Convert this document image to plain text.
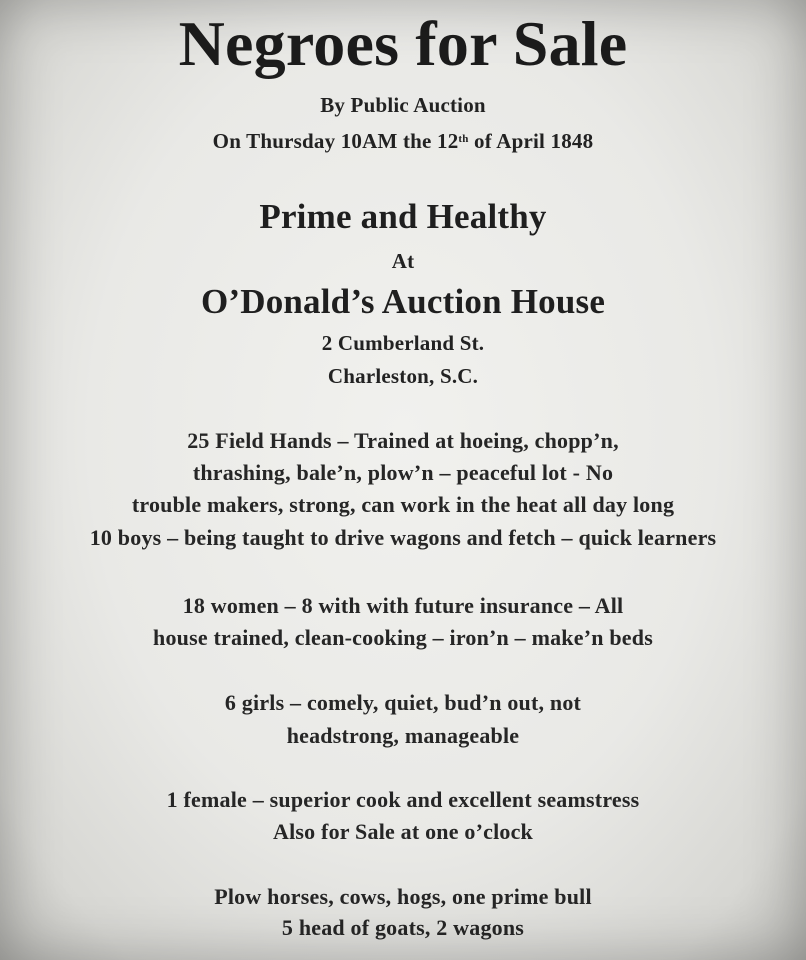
Negroes for Sale
By Public Auction
On Thursday 10AM the 12th of April 1848
Prime and Healthy
At
O’Donald’s Auction House
2 Cumberland St.
Charleston, S.C.
25 Field Hands – Trained at hoeing, chopp’n,
thrashing, bale’n, plow’n – peaceful lot - No
trouble makers, strong, can work in the heat all day long
10 boys – being taught to drive wagons and fetch – quick learners
18 women – 8 with with future insurance – All
house trained, clean-cooking – iron’n – make’n beds
6 girls – comely, quiet, bud’n out, not
headstrong, manageable
1 female – superior cook and excellent seamstress
Also for Sale at one o’clock
Plow horses, cows, hogs, one prime bull
5 head of goats, 2 wagons
